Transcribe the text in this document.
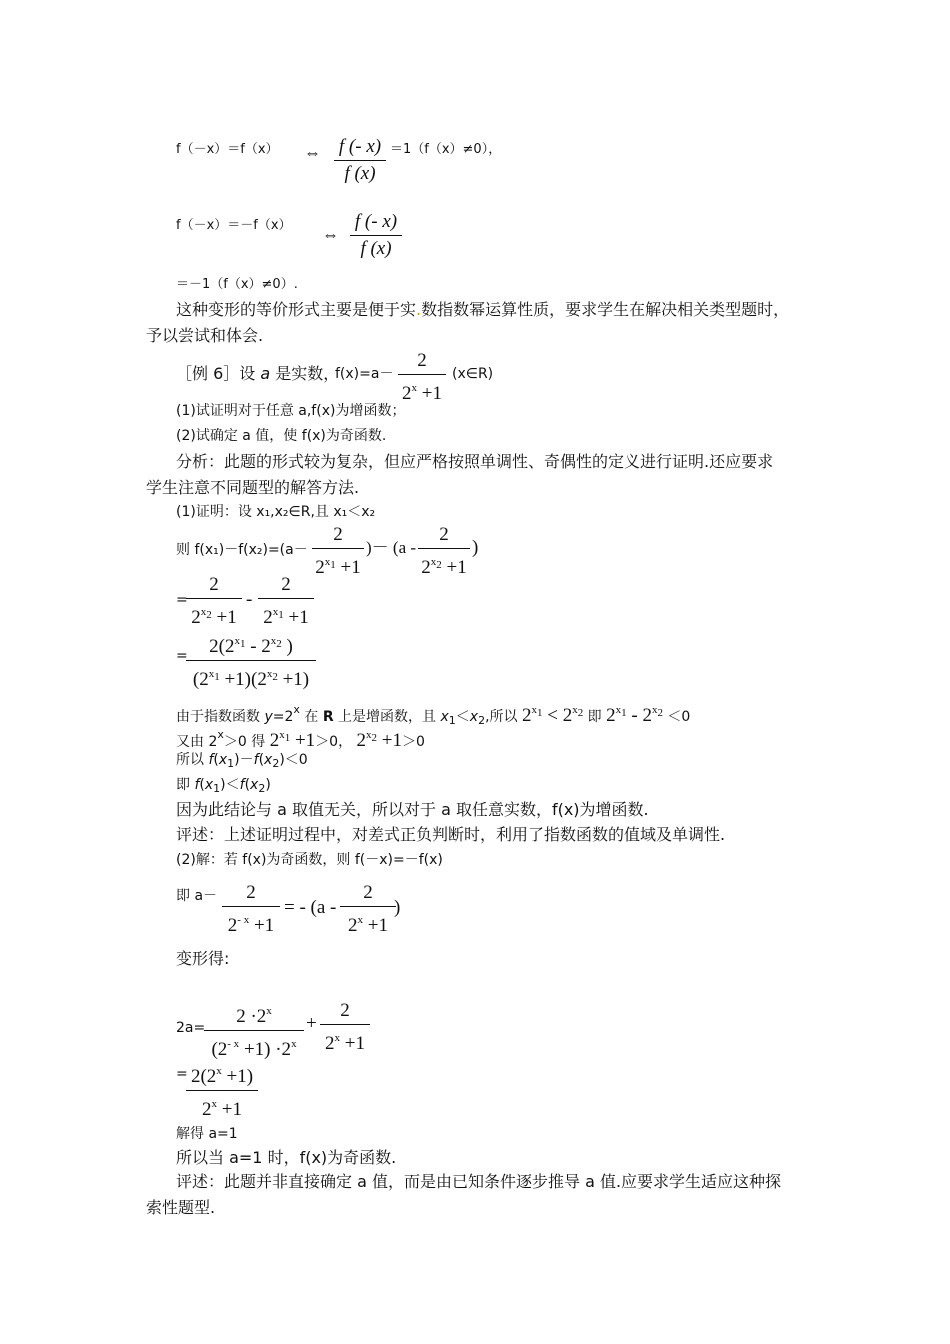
f（－x）＝f（x） ⇔ f (- x)
f (x)
＝1（f（x）≠0），
f（－x）＝－f（x） ⇔
f (- x)
f (x)
＝－1（f（x）≠0）.
这种变形的等价形式主要是便于实.数指数幂运算性质，要求学生在解决相关类型题时，
予以尝试和体会.
［例 6］设 a 是实数，
f(x)=a－
2
$2^x +1$
(x∈R)
(1)试证明对于任意 a,f(x)为增函数；
(2)试确定 a 值，使 f(x)为奇函数.
分析：此题的形式较为复杂，但应严格按照单调性、奇偶性的定义进行证明.还应要求
学生注意不同题型的解答方法.
(1)证明：设 x₁,x₂∈R,且 x₁＜x₂
则 f(x₁)－f(x₂)=(a－
2
$2^{x_1} +1$
)－ (a -
2
$2^{x_2} +1$
)
=
2
$2^{x_2} +1$
-
2
$2^{x_1} +1$
=	$2(2^{x_1} - 2^{x_2}$ )
$(2^{x_1} +1)(2^{x_2} +1)$
由于指数函数 $y=2^x$ 在 R 上是增函数，且 $x_1<x_2$,所以 $2^{x_1} < 2^{x_2}$ 即 $2^{x_1} - 2^{x_2} <0$
又由 $2^x>0$ 得 $2^{x_1} +1>0$， $2^{x_2} +1>0$
所以 $f(x_1)-f(x_2)<0$
即 $f(x_1)<f(x_2)$
因为此结论与 a 取值无关，所以对于 a 取任意实数，f(x)为增函数.
评述：上述证明过程中，对差式正负判断时，利用了指数函数的值域及单调性.
(2)解：若 f(x)为奇函数，则 f(－x)=－f(x)
即 a－	2
$2^{- x} +1$
= - (a -
2
$2^x +1$
)
变形得:
2a=
$2 \cdot 2^x$
$(2^{- x} +1) \cdot 2^x$
+
2
$2^x +1$
= $2(2^x +1)$
$2^x +1$
解得 a=1
所以当 a=1 时，f(x)为奇函数.
评述：此题并非直接确定 a 值，而是由已知条件逐步推导 a 值.应要求学生适应这种探
索性题型.
